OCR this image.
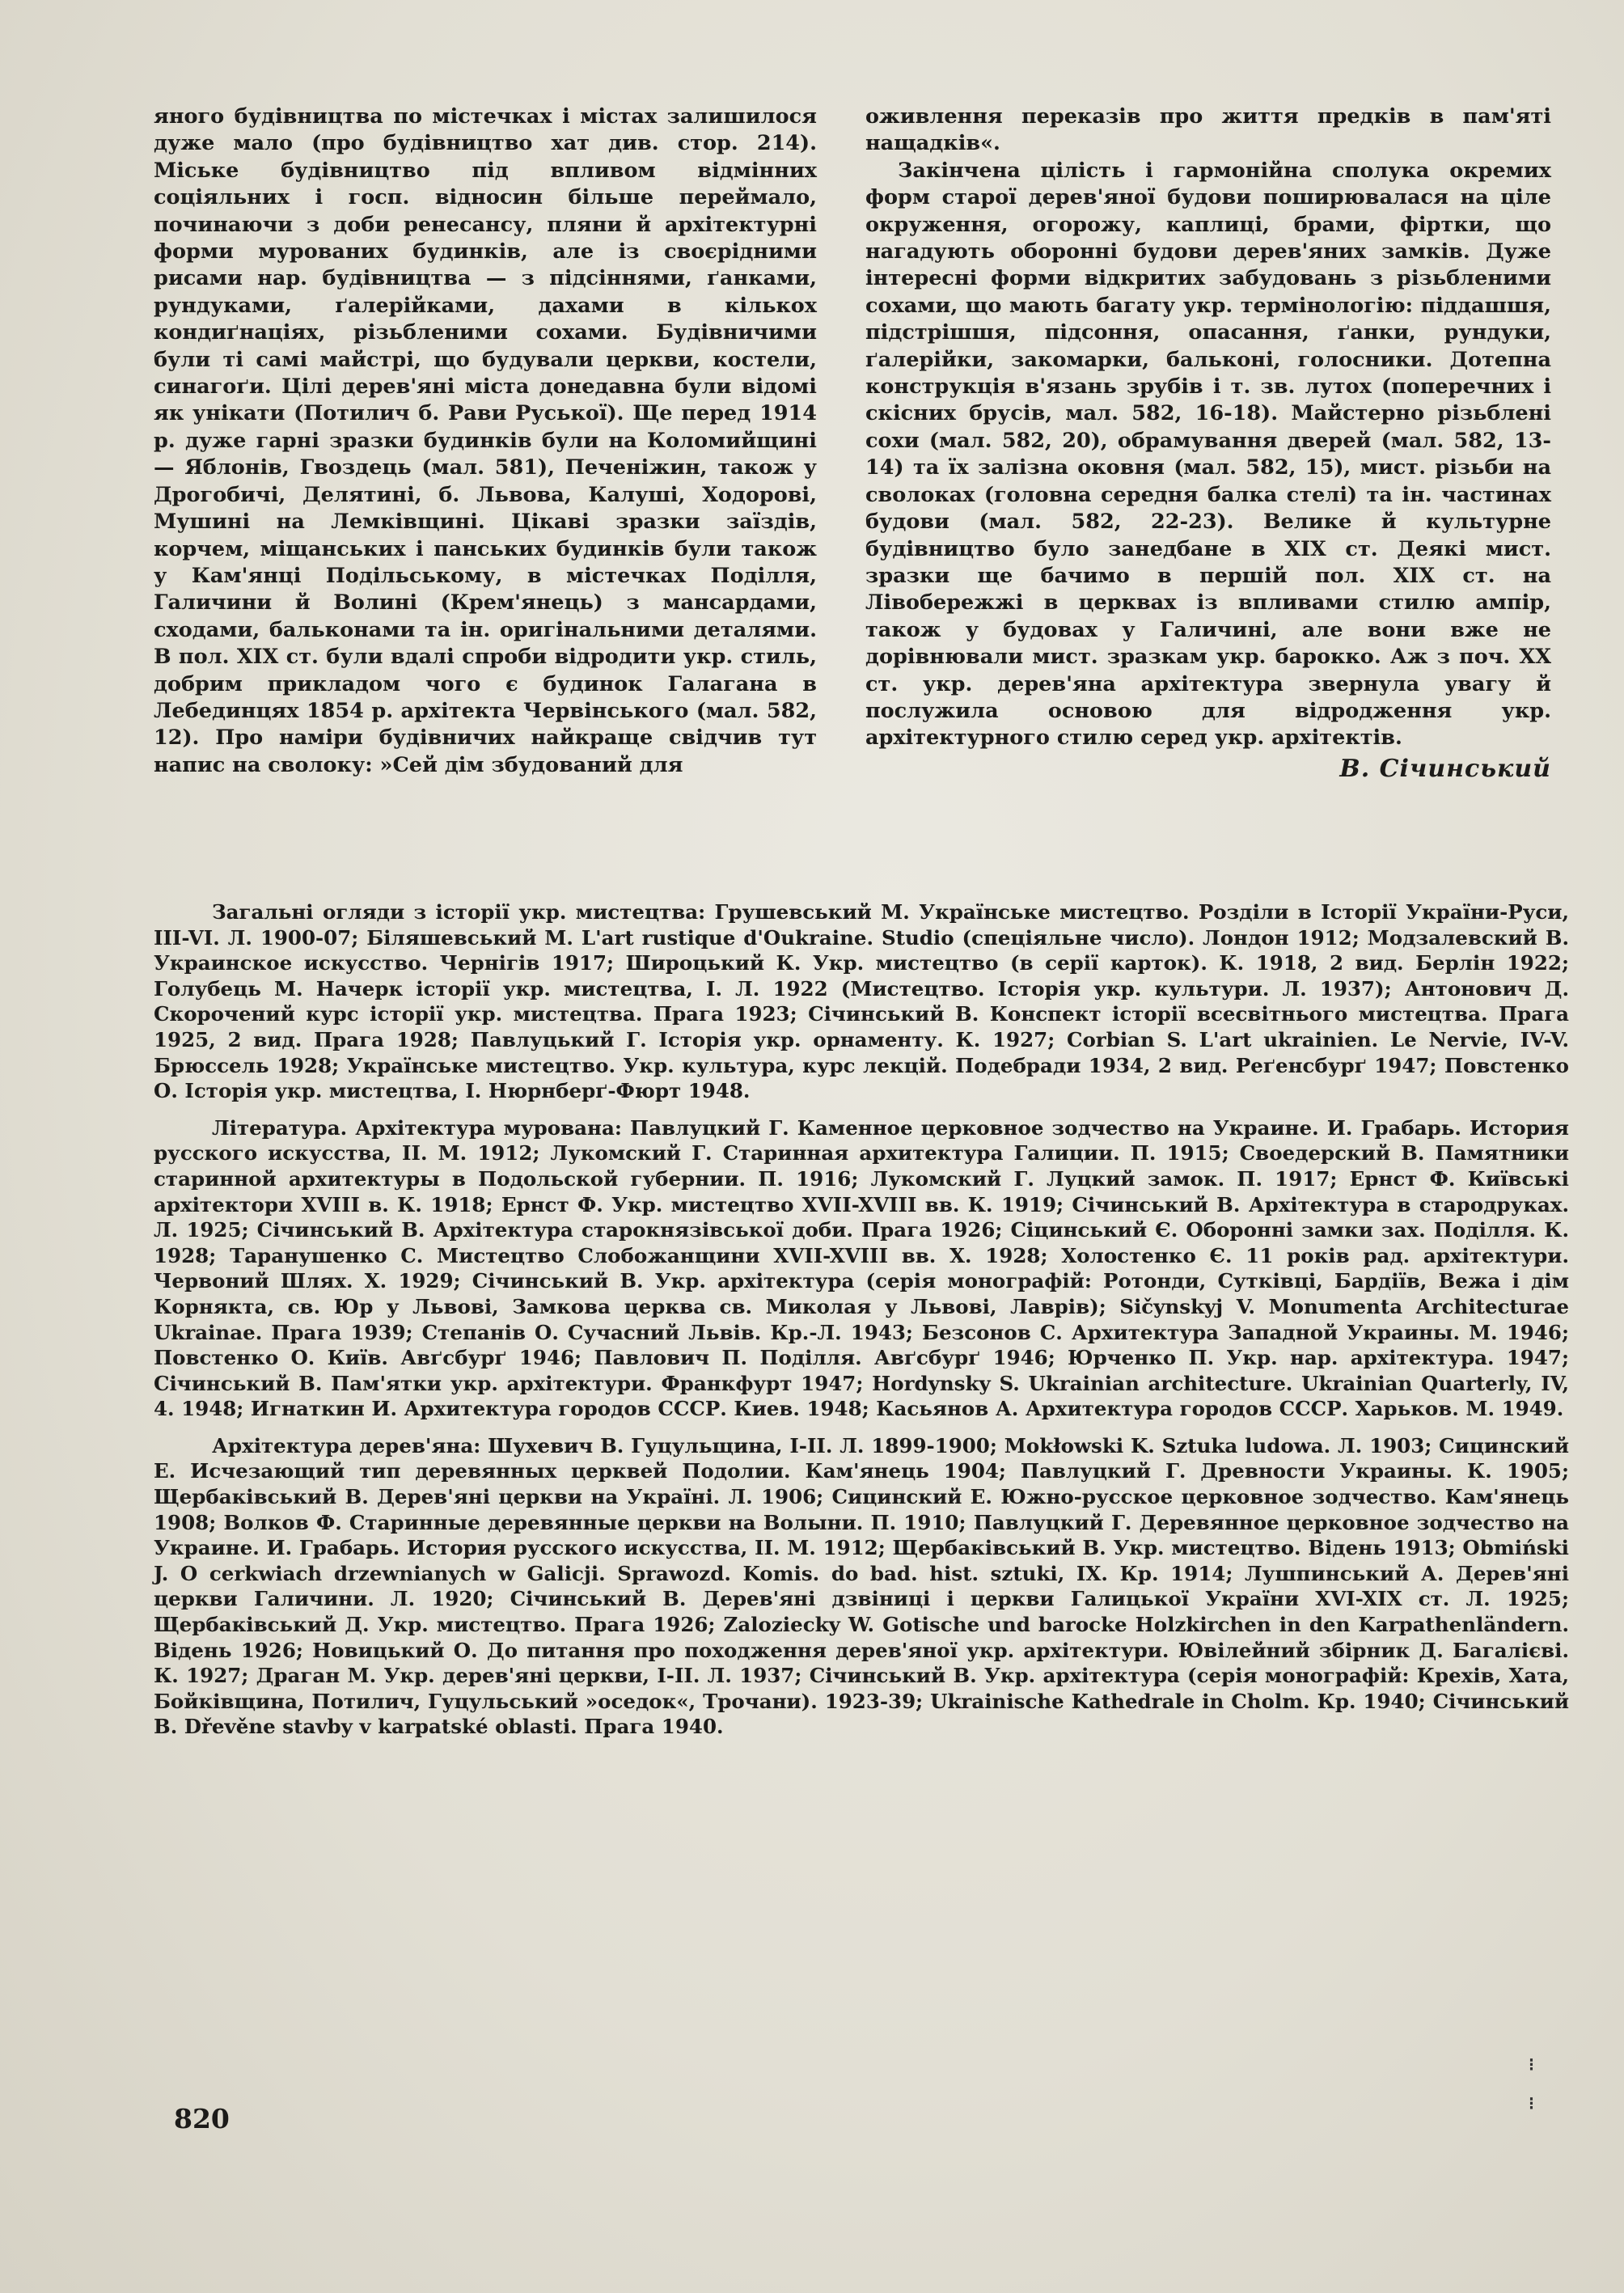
яного будівництва по містечках і містах залишилося дуже мало (про будівництво хат див. стор. 214). Міське будівництво під впливом відмінних соціяльних і госп. відносин більше переймало, починаючи з доби ренесансу, пляни й архітектурні форми мурованих будинків, але із своєрідними рисами нар. будівництва — з підсіннями, ґанками, рундуками, ґалерійками, дахами в кількох кондиґнаціях, різьбленими сохами. Будівничими були ті самі майстрі, що будували церкви, костели, синагоґи. Цілі дерев'яні міста донедавна були відомі як унікати (Потилич б. Рави Руської). Ще перед 1914 р. дуже гарні зразки будинків були на Коломийщині — Яблонів, Гвоздець (мал. 581), Печеніжин, також у Дрогобичі, Делятині, б. Львова, Калуші, Ходорові, Мушині на Лемківщині. Цікаві зразки заїздів, корчем, міщанських і панських будинків були також у Кам'янці Подільському, в містечках Поділля, Галичини й Волині (Крем'янець) з мансардами, сходами, бальконами та ін. оригінальними деталями. В пол. XIX ст. були вдалі спроби відродити укр. стиль, добрим прикладом чого є будинок Галагана в Лебединцях 1854 р. архітекта Червінського (мал. 582, 12). Про наміри будівничих найкраще свідчив тут напис на сволоку: »Сей дім збудований для

оживлення переказів про життя предків в пам'яті нащадків«.

Закінчена цілість і гармонійна сполука окремих форм старої дерев'яної будови поширювалася на ціле окруження, огорожу, каплиці, брами, фіртки, що нагадують оборонні будови дерев'яних замків. Дуже інтересні форми відкритих забудовань з різьбленими сохами, що мають багату укр. термінологію: піддашшя, підстрішшя, підсоння, опасання, ґанки, рундуки, ґалерійки, закомарки, бальконі, голосники. Дотепна конструкція в'язань зрубів і т. зв. лутох (поперечних і скісних брусів, мал. 582, 16-18). Майстерно різьблені сохи (мал. 582, 20), обрамування дверей (мал. 582, 13-14) та їх залізна оковня (мал. 582, 15), мист. різьби на сволоках (головна середня балка стелі) та ін. частинах будови (мал. 582, 22-23). Велике й культурне будівництво було занедбане в XIX ст. Деякі мист. зразки ще бачимо в першій пол. XIX ст. на Лівобережжі в церквах із впливами стилю ампір, також у будовах у Галичині, але вони вже не дорівнювали мист. зразкам укр. барокко. Аж з поч. XX ст. укр. дерев'яна архітектура звернула увагу й послужила основою для відродження укр. архітектурного стилю серед укр. архітектів.

В. Січинський

Загальні огляди з історії укр. мистецтва: Грушевський М. Українське мистецтво. Розділи в Історії України-Руси, III-VI. Л. 1900-07; Біляшевський М. L'art rustique d'Oukraine. Studio (спеціяльне число). Лондон 1912; Модзалевский В. Украинское искусство. Чернігів 1917; Широцький К. Укр. мистецтво (в серії карток). К. 1918, 2 вид. Берлін 1922; Голубець М. Начерк історії укр. мистецтва, І. Л. 1922 (Мистецтво. Історія укр. культури. Л. 1937); Антонович Д. Скорочений курс історії укр. мистецтва. Прага 1923; Січинський В. Конспект історії всесвітнього мистецтва. Прага 1925, 2 вид. Прага 1928; Павлуцький Г. Історія укр. орнаменту. К. 1927; Corbian S. L'art ukrainien. Le Nervie, IV-V. Брюссель 1928; Українське мистецтво. Укр. культура, курс лекцій. Подебради 1934, 2 вид. Реґенсбурґ 1947; Повстенко О. Історія укр. мистецтва, І. Нюрнберґ-Фюрт 1948.

Література. Архітектура мурована: Павлуцкий Г. Каменное церковное зодчество на Украине. И. Грабарь. История русского искусства, II. М. 1912; Лукомский Г. Старинная архитектура Галиции. П. 1915; Своедерский В. Памятники старинной архитектуры в Подольской губернии. П. 1916; Лукомский Г. Луцкий замок. П. 1917; Ернст Ф. Київські архітектори XVIII в. К. 1918; Ернст Ф. Укр. мистецтво XVII-XVIII вв. К. 1919; Січинський В. Архітектура в стародруках. Л. 1925; Січинський В. Архітектура старокнязівської доби. Прага 1926; Сіцинський Є. Оборонні замки зах. Поділля. К. 1928; Таранушенко С. Мистецтво Слобожанщини XVII-XVIII вв. Х. 1928; Холостенко Є. 11 років рад. архітектури. Червоний Шлях. Х. 1929; Січинський В. Укр. архітектура (серія монографій: Ротонди, Сутківці, Бардіїв, Вежа і дім Корнякта, св. Юр у Львові, Замкова церква св. Миколая у Львові, Лаврів); Sičynskyj V. Monumenta Architecturae Ukrainae. Прага 1939; Степанів О. Сучасний Львів. Кр.-Л. 1943; Безсонов С. Архитектура Западной Украины. М. 1946; Повстенко О. Київ. Авґсбурґ 1946; Павлович П. Поділля. Авґсбурґ 1946; Юрченко П. Укр. нар. архітектура. 1947; Січинський В. Пам'ятки укр. архітектури. Франкфурт 1947; Hordynsky S. Ukrainian architecture. Ukrainian Quarterly, IV, 4. 1948; Игнаткин И. Архитектура городов СССР. Киев. 1948; Касьянов А. Архитектура городов СССР. Харьков. М. 1949.

Архітектура дерев'яна: Шухевич В. Гуцульщина, I-II. Л. 1899-1900; Mokłowski K. Sztuka ludowa. Л. 1903; Сицинский Е. Исчезающий тип деревянных церквей Подолии. Кам'янець 1904; Павлуцкий Г. Древности Украины. К. 1905; Щербаківський В. Дерев'яні церкви на Україні. Л. 1906; Сицинский Е. Южно-русское церковное зодчество. Кам'янець 1908; Волков Ф. Старинные деревянные церкви на Волыни. П. 1910; Павлуцкий Г. Деревянное церковное зодчество на Украине. И. Грабарь. История русского искусства, II. М. 1912; Щербаківський В. Укр. мистецтво. Відень 1913; Obmiński J. O cerkwiach drzewnianych w Galicji. Sprawozd. Komis. do bad. hist. sztuki, IX. Кр. 1914; Лушпинський А. Дерев'яні церкви Галичини. Л. 1920; Січинський В. Дерев'яні дзвіниці і церкви Галицької України XVI-XIX ст. Л. 1925; Щербаківський Д. Укр. мистецтво. Прага 1926; Zaloziecky W. Gotische und barocke Holzkirchen in den Karpathenländern. Відень 1926; Новицький О. До питання про походження дерев'яної укр. архітектури. Ювілейний збірник Д. Багалієві. К. 1927; Драган М. Укр. дерев'яні церкви, I-II. Л. 1937; Січинський В. Укр. архітектура (серія монографій: Крехів, Хата, Бойківщина, Потилич, Гуцульський »оседок«, Трочани). 1923-39; Ukrainische Kathedrale in Cholm. Кр. 1940; Січинський В. Dřevěne stavby v karpatské oblasti. Прага 1940.

820
⁝
⁝
